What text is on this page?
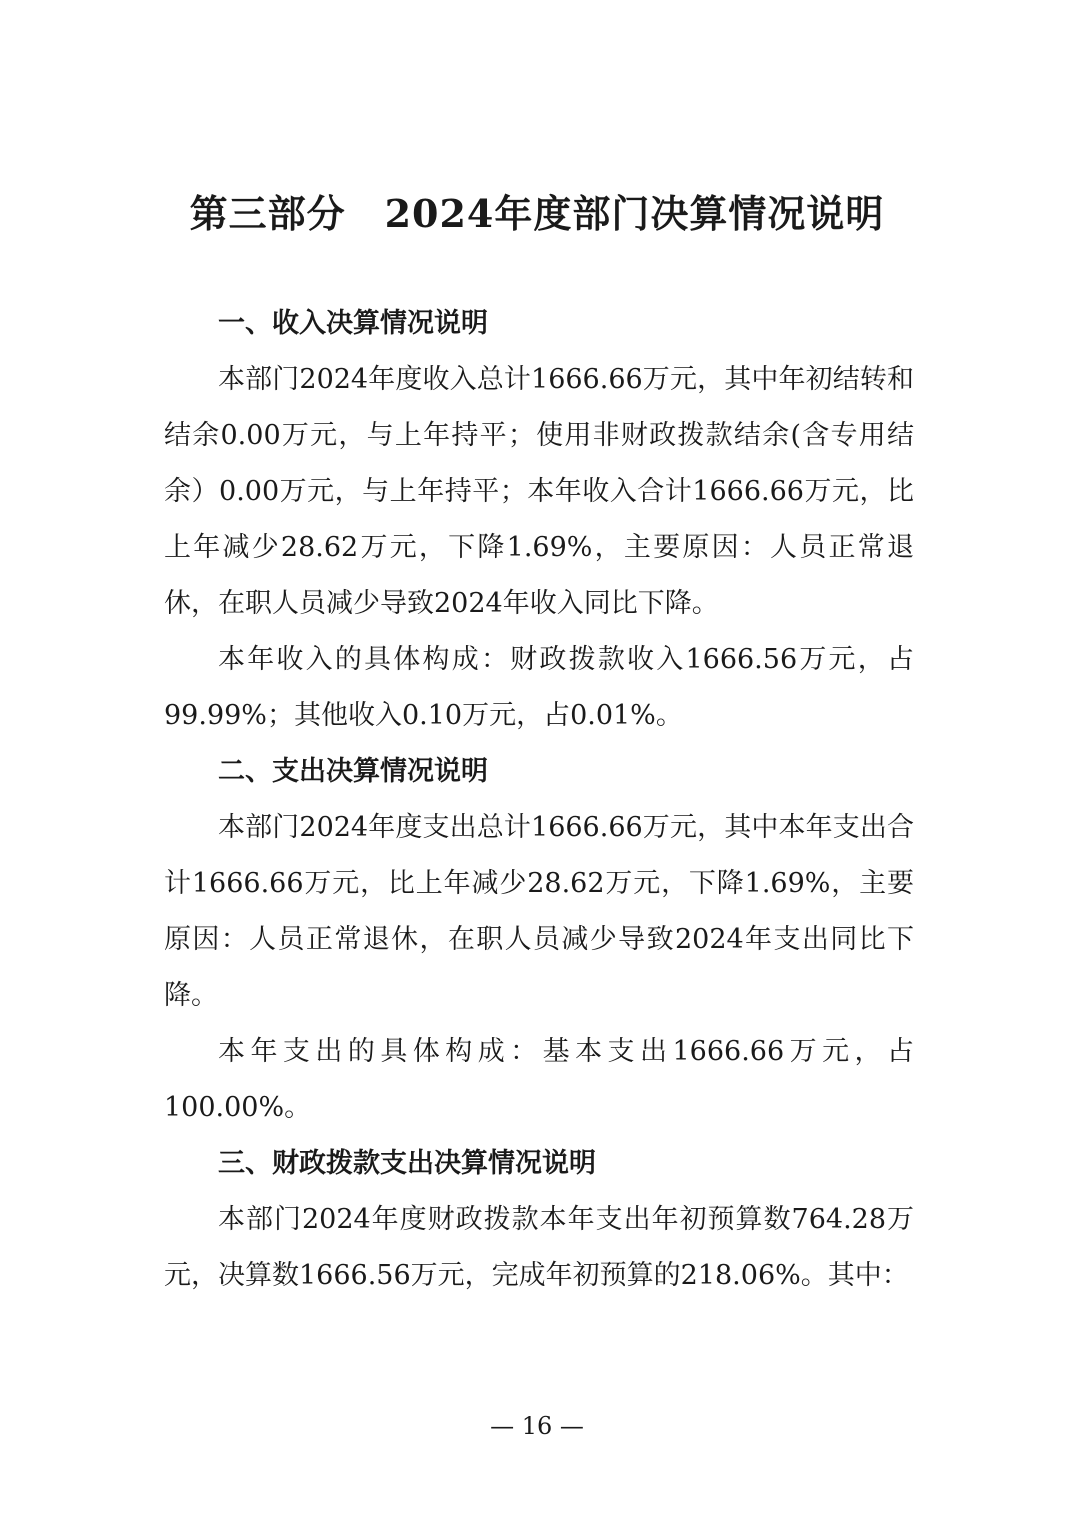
第三部分　2024年度部门决算情况说明
一、收入决算情况说明

本部门2024年度收入总计1666.66万元，其中年初结转和结余0.00万元，与上年持平；使用非财政拨款结余(含专用结余）0.00万元，与上年持平；本年收入合计1666.66万元，比上年减少28.62万元，下降1.69%，主要原因：人员正常退休，在职人员减少导致2024年收入同比下降。

本年收入的具体构成：财政拨款收入1666.56万元，占99.99%；其他收入0.10万元，占0.01%。

二、支出决算情况说明

本部门2024年度支出总计1666.66万元，其中本年支出合计1666.66万元，比上年减少28.62万元，下降1.69%，主要原因：人员正常退休，在职人员减少导致2024年支出同比下降。

本年支出的具体构成：基本支出1666.66万元，占100.00%。

三、财政拨款支出决算情况说明

本部门2024年度财政拨款本年支出年初预算数764.28万元，决算数1666.56万元，完成年初预算的218.06%。其中：

— 16 —
